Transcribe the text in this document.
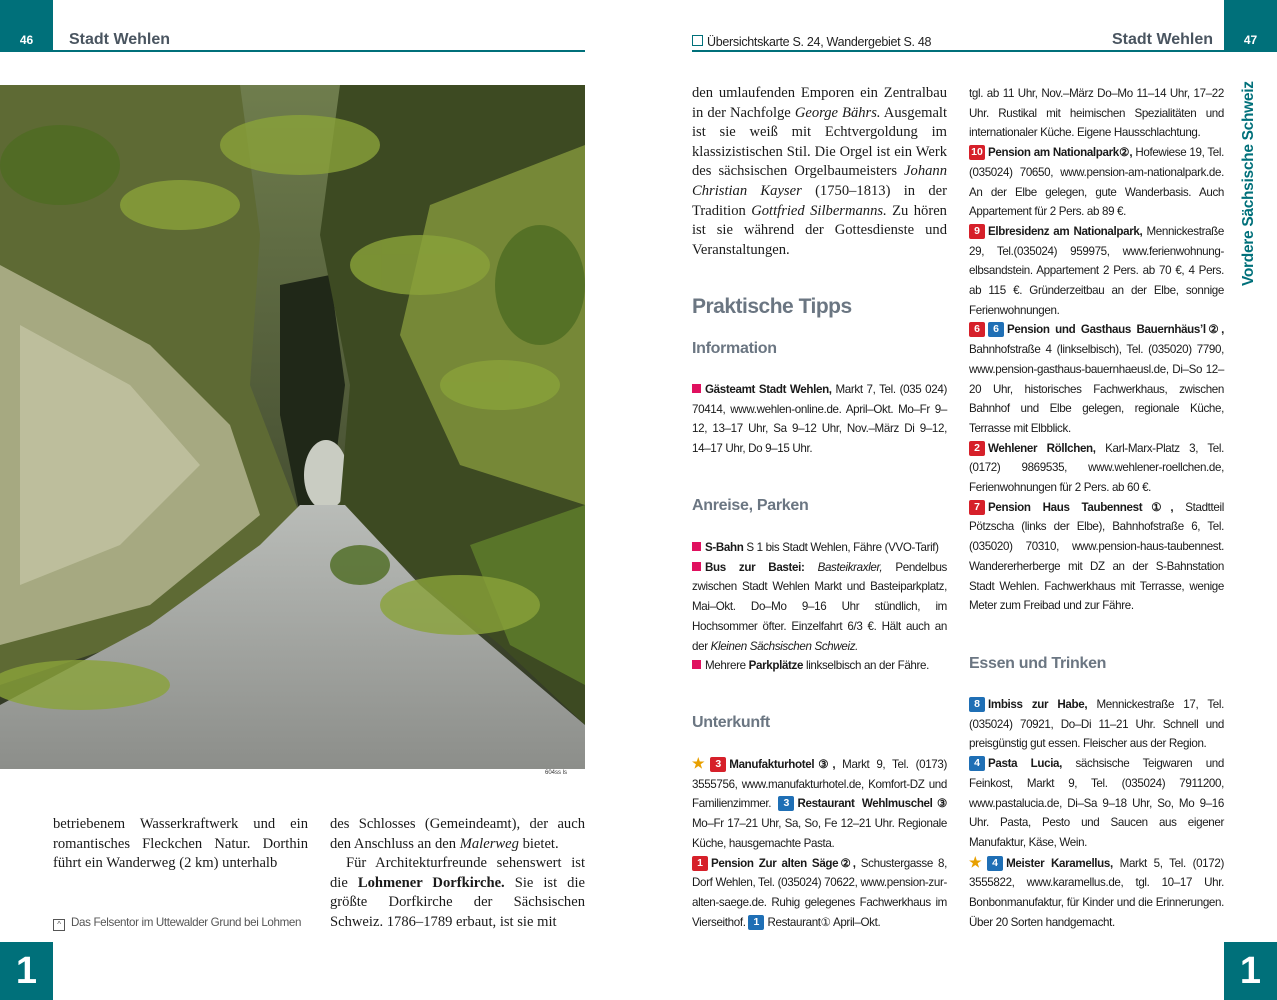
46	Stadt Wehlen
604ss ls
betriebenem Wasserkraftwerk und ein romantisches Fleckchen Natur. Dorthin führt ein Wanderweg (2 km) unterhalb
^ Das Felsentor im Uttewalder Grund bei Lohmen
des Schlosses (Gemeindeamt), der auch den Anschluss an den Malerweg bietet.
Für Architekturfreunde sehenswert ist die Lohmener Dorfkirche. Sie ist die größte Dorfkirche der Sächsischen Schweiz. 1786–1789 erbaut, ist sie mit
1
Übersichtskarte S. 24, Wandergebiet S. 48	Stadt Wehlen	47
Vordere Sächsische Schweiz
1
den umlaufenden Emporen ein Zentralbau in der Nachfolge George Bährs. Ausgemalt ist sie weiß mit Echtvergoldung im klassizistischen Stil. Die Orgel ist ein Werk des sächsischen Orgelbaumeisters Johann Christian Kayser (1750–1813) in der Tradition Gottfried Silbermanns. Zu hören ist sie während der Gottesdienste und Veranstaltungen.
Praktische Tipps
Information
Gästeamt Stadt Wehlen, Markt 7, Tel. (035 024) 70414, www.wehlen-online.de. April–Okt. Mo–Fr 9–12, 13–17 Uhr, Sa 9–12 Uhr, Nov.–März Di 9–12, 14–17 Uhr, Do 9–15 Uhr.
Anreise, Parken
S-Bahn S 1 bis Stadt Wehlen, Fähre (VVO-Tarif)
Bus zur Bastei: Basteikraxler, Pendelbus zwischen Stadt Wehlen Markt und Basteiparkplatz, Mai–Okt. Do–Mo 9–16 Uhr stündlich, im Hochsommer öfter. Einzelfahrt 6/3 €. Hält auch an der Kleinen Sächsischen Schweiz.
Mehrere Parkplätze linkselbisch an der Fähre.
Unterkunft
★ 3 Manufakturhotel③, Markt 9, Tel. (0173) 3555756, www.manufakturhotel.de, Komfort-DZ und Familienzimmer. 3 Restaurant Wehlmuschel③ Mo–Fr 17–21 Uhr, Sa, So, Fe 12–21 Uhr. Regionale Küche, hausgemachte Pasta.
1 Pension Zur alten Säge②, Schustergasse 8, Dorf Wehlen, Tel. (035024) 70622, www.pension-zur-alten-saege.de. Ruhig gelegenes Fachwerkhaus im Vierseithof. 1 Restaurant① April–Okt.
tgl. ab 11 Uhr, Nov.–März Do–Mo 11–14 Uhr, 17–22 Uhr. Rustikal mit heimischen Spezialitäten und internationaler Küche. Eigene Hausschlachtung.
10 Pension am Nationalpark②, Hofewiese 19, Tel. (035024) 70650, www.pension-am-nationalpark.de. An der Elbe gelegen, gute Wanderbasis. Auch Appartement für 2 Pers. ab 89 €.
9 Elbresidenz am Nationalpark, Mennickestraße 29, Tel.(035024) 959975, www.ferienwohnung-elbsandstein. Appartement 2 Pers. ab 70 €, 4 Pers. ab 115 €. Gründerzeitbau an der Elbe, sonnige Ferienwohnungen.
6 6 Pension und Gasthaus Bauernhäus’l②, Bahnhofstraße 4 (linkselbisch), Tel. (035020) 7790, www.pension-gasthaus-bauernhaeusl.de, Di–So 12–20 Uhr, historisches Fachwerkhaus, zwischen Bahnhof und Elbe gelegen, regionale Küche, Terrasse mit Elbblick.
2 Wehlener Röllchen, Karl-Marx-Platz 3, Tel. (0172) 9869535, www.wehlener-roellchen.de, Ferienwohnungen für 2 Pers. ab 60 €.
7 Pension Haus Taubennest①, Stadtteil Pötzscha (links der Elbe), Bahnhofstraße 6, Tel. (035020) 70310, www.pension-haus-taubennest. Wandererherberge mit DZ an der S-Bahnstation Stadt Wehlen. Fachwerkhaus mit Terrasse, wenige Meter zum Freibad und zur Fähre.
Essen und Trinken
8 Imbiss zur Habe, Mennickestraße 17, Tel. (035024) 70921, Do–Di 11–21 Uhr. Schnell und preisgünstig gut essen. Fleischer aus der Region.
4 Pasta Lucia, sächsische Teigwaren und Feinkost, Markt 9, Tel. (035024) 7911200, www.pastalucia.de, Di–Sa 9–18 Uhr, So, Mo 9–16 Uhr. Pasta, Pesto und Saucen aus eigener Manufaktur, Käse, Wein.
★ 4 Meister Karamellus, Markt 5, Tel. (0172) 3555822, www.karamellus.de, tgl. 10–17 Uhr. Bonbonmanufaktur, für Kinder und die Erinnerungen. Über 20 Sorten handgemacht.
